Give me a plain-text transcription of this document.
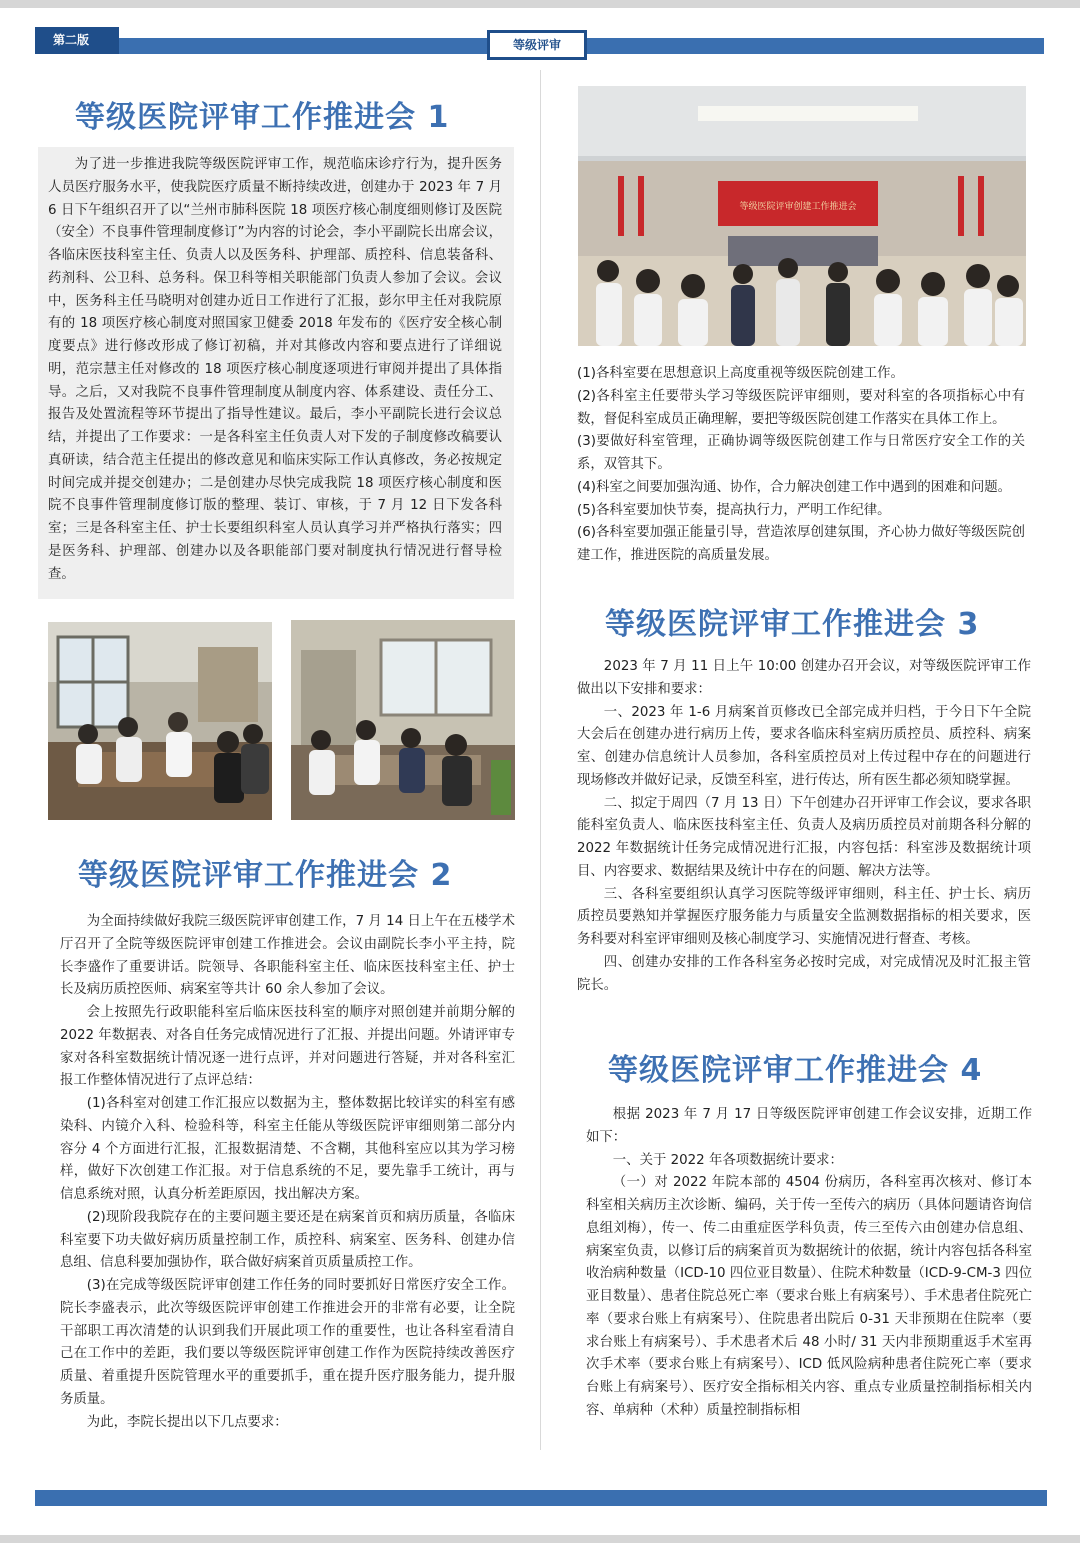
第二版	等级评审
等级医院评审工作推进会 1

为了进一步推进我院等级医院评审工作，规范临床诊疗行为，提升医务人员医疗服务水平，使我院医疗质量不断持续改进，创建办于 2023 年 7 月 6 日下午组织召开了以“兰州市肺科医院 18 项医疗核心制度细则修订及医院（安全）不良事件管理制度修订”为内容的讨论会，李小平副院长出席会议，各临床医技科室主任、负责人以及医务科、护理部、质控科、信息装备科、药剂科、公卫科、总务科。保卫科等相关职能部门负责人参加了会议。会议中，医务科主任马晓明对创建办近日工作进行了汇报，彭尔甲主任对我院原有的 18 项医疗核心制度对照国家卫健委 2018 年发布的《医疗安全核心制度要点》进行修改形成了修订初稿，并对其修改内容和要点进行了详细说明，范宗慧主任对修改的 18 项医疗核心制度逐项进行审阅并提出了具体指导。之后，又对我院不良事件管理制度从制度内容、体系建设、责任分工、报告及处置流程等环节提出了指导性建议。最后，李小平副院长进行会议总结，并提出了工作要求：一是各科室主任负责人对下发的子制度修改稿要认真研读，结合范主任提出的修改意见和临床实际工作认真修改，务必按规定时间完成并提交创建办；二是创建办尽快完成我院 18 项医疗核心制度和医院不良事件管理制度修订版的整理、装订、审核，于 7 月 12 日下发各科室；三是各科室主任、护士长要组织科室人员认真学习并严格执行落实；四是医务科、护理部、创建办以及各职能部门要对制度执行情况进行督导检查。

等级医院评审工作推进会 2

为全面持续做好我院三级医院评审创建工作，7 月 14 日上午在五楼学术厅召开了全院等级医院评审创建工作推进会。会议由副院长李小平主持，院长李盛作了重要讲话。院领导、各职能科室主任、临床医技科室主任、护士长及病历质控医师、病案室等共计 60 余人参加了会议。

会上按照先行政职能科室后临床医技科室的顺序对照创建并前期分解的 2022 年数据表、对各自任务完成情况进行了汇报、并提出问题。外请评审专家对各科室数据统计情况逐一进行点评，并对问题进行答疑，并对各科室汇报工作整体情况进行了点评总结：

(1)各科室对创建工作汇报应以数据为主，整体数据比较详实的科室有感染科、内镜介入科、检验科等，科室主任能从等级医院评审细则第二部分内容分 4 个方面进行汇报，汇报数据清楚、不含糊，其他科室应以其为学习榜样，做好下次创建工作汇报。对于信息系统的不足，要先靠手工统计，再与信息系统对照，认真分析差距原因，找出解决方案。

(2)现阶段我院存在的主要问题主要还是在病案首页和病历质量，各临床科室要下功夫做好病历质量控制工作，质控科、病案室、医务科、创建办信息组、信息科要加强协作，联合做好病案首页质量质控工作。

(3)在完成等级医院评审创建工作任务的同时要抓好日常医疗安全工作。院长李盛表示，此次等级医院评审创建工作推进会开的非常有必要，让全院干部职工再次清楚的认识到我们开展此项工作的重要性，也让各科室看清自己在工作中的差距，我们要以等级医院评审创建工作作为医院持续改善医疗质量、着重提升医院管理水平的重要抓手，重在提升医疗服务能力，提升服务质量。

为此，李院长提出以下几点要求：

等级医院评审创建工作推进会

(1)各科室要在思想意识上高度重视等级医院创建工作。

(2)各科室主任要带头学习等级医院评审细则，要对科室的各项指标心中有数，督促科室成员正确理解，要把等级医院创建工作落实在具体工作上。

(3)要做好科室管理，正确协调等级医院创建工作与日常医疗安全工作的关系，双管其下。

(4)科室之间要加强沟通、协作，合力解决创建工作中遇到的困难和问题。

(5)各科室要加快节奏，提高执行力，严明工作纪律。

(6)各科室要加强正能量引导，营造浓厚创建氛围，齐心协力做好等级医院创建工作，推进医院的高质量发展。

等级医院评审工作推进会 3

2023 年 7 月 11 日上午 10:00 创建办召开会议，对等级医院评审工作做出以下安排和要求：

一、2023 年 1-6 月病案首页修改已全部完成并归档，于今日下午全院大会后在创建办进行病历上传，要求各临床科室病历质控员、质控科、病案室、创建办信息统计人员参加，各科室质控员对上传过程中存在的问题进行现场修改并做好记录，反馈至科室，进行传达，所有医生都必须知晓掌握。

二、拟定于周四（7 月 13 日）下午创建办召开评审工作会议，要求各职能科室负责人、临床医技科室主任、负责人及病历质控员对前期各科分解的 2022 年数据统计任务完成情况进行汇报，内容包括：科室涉及数据统计项目、内容要求、数据结果及统计中存在的问题、解决方法等。

三、各科室要组织认真学习医院等级评审细则，科主任、护士长、病历质控员要熟知并掌握医疗服务能力与质量安全监测数据指标的相关要求，医务科要对科室评审细则及核心制度学习、实施情况进行督查、考核。

四、创建办安排的工作各科室务必按时完成，对完成情况及时汇报主管院长。

等级医院评审工作推进会 4

根据 2023 年 7 月 17 日等级医院评审创建工作会议安排，近期工作如下：

一、关于 2022 年各项数据统计要求：

（一）对 2022 年院本部的 4504 份病历，各科室再次核对、修订本科室相关病历主次诊断、编码，关于传一至传六的病历（具体问题请咨询信息组刘梅），传一、传二由重症医学科负责，传三至传六由创建办信息组、病案室负责，以修订后的病案首页为数据统计的依据，统计内容包括各科室收治病种数量（ICD-10 四位亚目数量）、住院术种数量（ICD-9-CM-3 四位亚目数量）、患者住院总死亡率（要求台账上有病案号）、手术患者住院死亡率（要求台账上有病案号）、住院患者出院后 0-31 天非预期在住院率（要求台账上有病案号）、手术患者术后 48 小时/ 31 天内非预期重返手术室再次手术率（要求台账上有病案号）、ICD 低风险病种患者住院死亡率（要求台账上有病案号）、医疗安全指标相关内容、重点专业质量控制指标相关内容、单病种（术种）质量控制指标相
